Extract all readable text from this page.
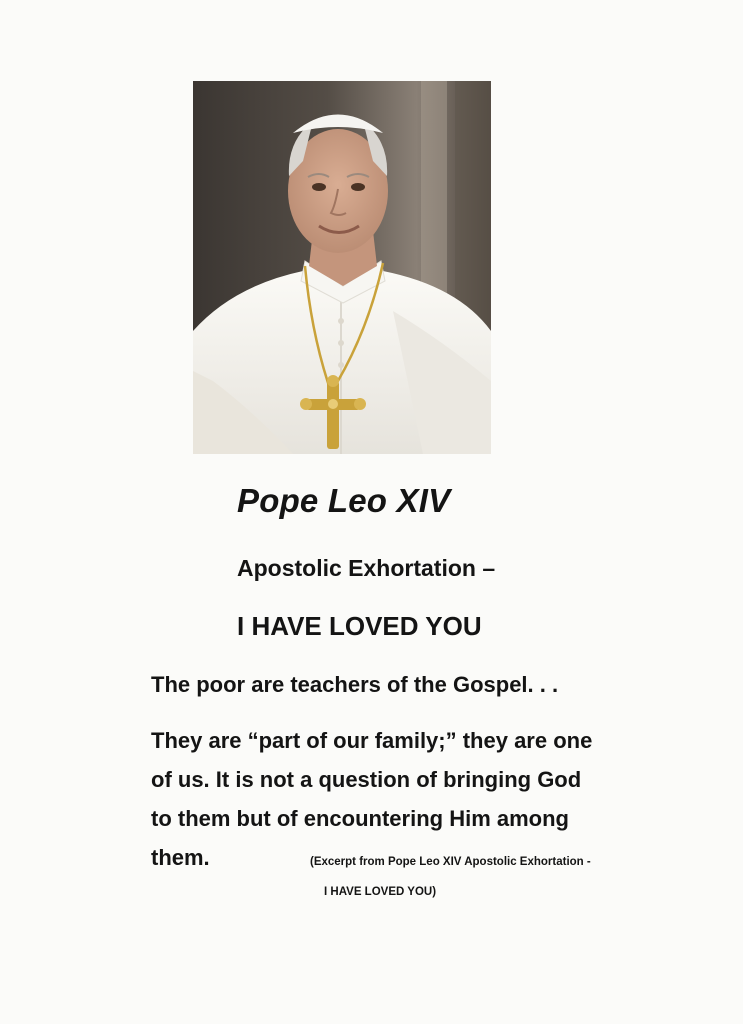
Pope Leo XIV
Apostolic Exhortation –
I HAVE LOVED YOU

The poor are teachers of the Gospel. . .

They are “part of our family;” they are one
of us. It is not a question of bringing God
to them but of encountering Him among
them.	(Excerpt from Pope Leo XIV Apostolic Exhortation -

I HAVE LOVED YOU)
